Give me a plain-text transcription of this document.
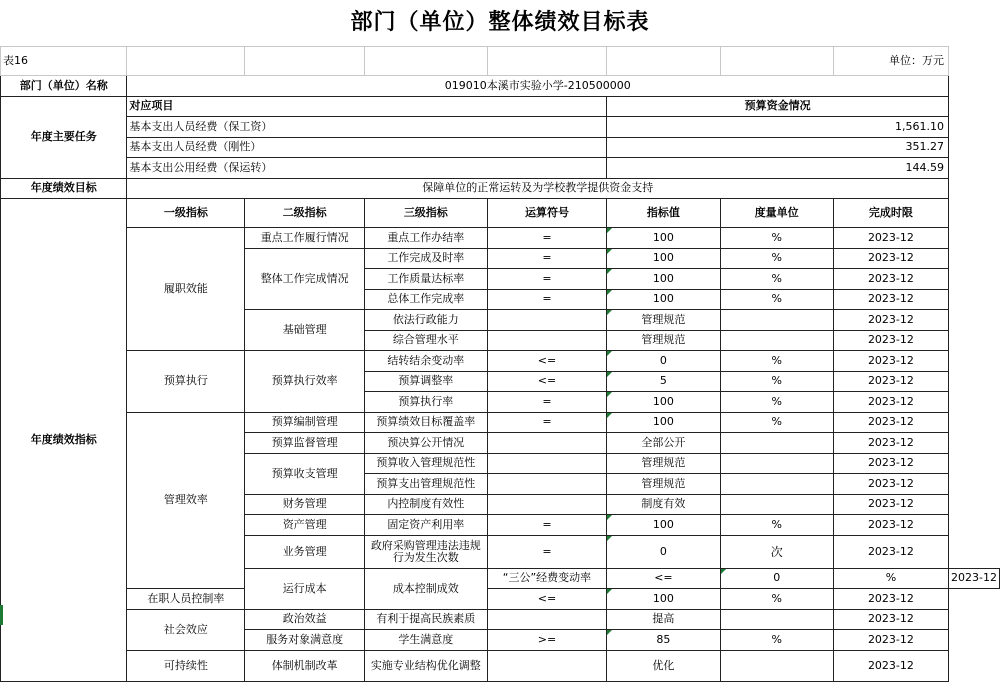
部门（单位）整体绩效目标表
表16							单位：万元	
部门（单位）名称	019010本溪市实验小学-210500000							
年度主要任务	对应项目				预算资金情况			
	基本支出人员经费（保工资）				1,561.10			
	基本支出人员经费（刚性）				351.27			
	基本支出公用经费（保运转）				144.59			
年度绩效目标	保障单位的正常运转及为学校教学提供资金支持							
年度绩效指标	一级指标	二级指标	三级指标	运算符号	指标值	度量单位	完成时限	
	履职效能	重点工作履行情况	重点工作办结率	=	100	%	2023-12	
		整体工作完成情况	工作完成及时率	=	100	%	2023-12	
			工作质量达标率	=	100	%	2023-12	
			总体工作完成率	=	100	%	2023-12	
		基础管理	依法行政能力		管理规范		2023-12	
			综合管理水平		管理规范		2023-12	
	预算执行	预算执行效率	结转结余变动率	<=	0	%	2023-12	
			预算调整率	<=	5	%	2023-12	
			预算执行率	=	100	%	2023-12	
	管理效率	预算编制管理	预算绩效目标覆盖率	=	100	%	2023-12	
		预算监督管理	预决算公开情况		全部公开		2023-12	
		预算收支管理	预算收入管理规范性		管理规范		2023-12	
			预算支出管理规范性		管理规范		2023-12	
		财务管理	内控制度有效性		制度有效		2023-12	
		资产管理	固定资产利用率	=	100	%	2023-12	
		业务管理	政府采购管理违法违规行为发生次数	=	0	次	2023-12	
		运行成本	成本控制成效	“三公”经费变动率	<=	0	%	2023-12
	在职人员控制率			<=	100	%	2023-12	
	社会效应	政治效益	有利于提高民族素质		提高		2023-12	
		服务对象满意度	学生满意度	>=	85	%	2023-12	
	可持续性	体制机制改革	实施专业结构优化调整		优化		2023-12	
